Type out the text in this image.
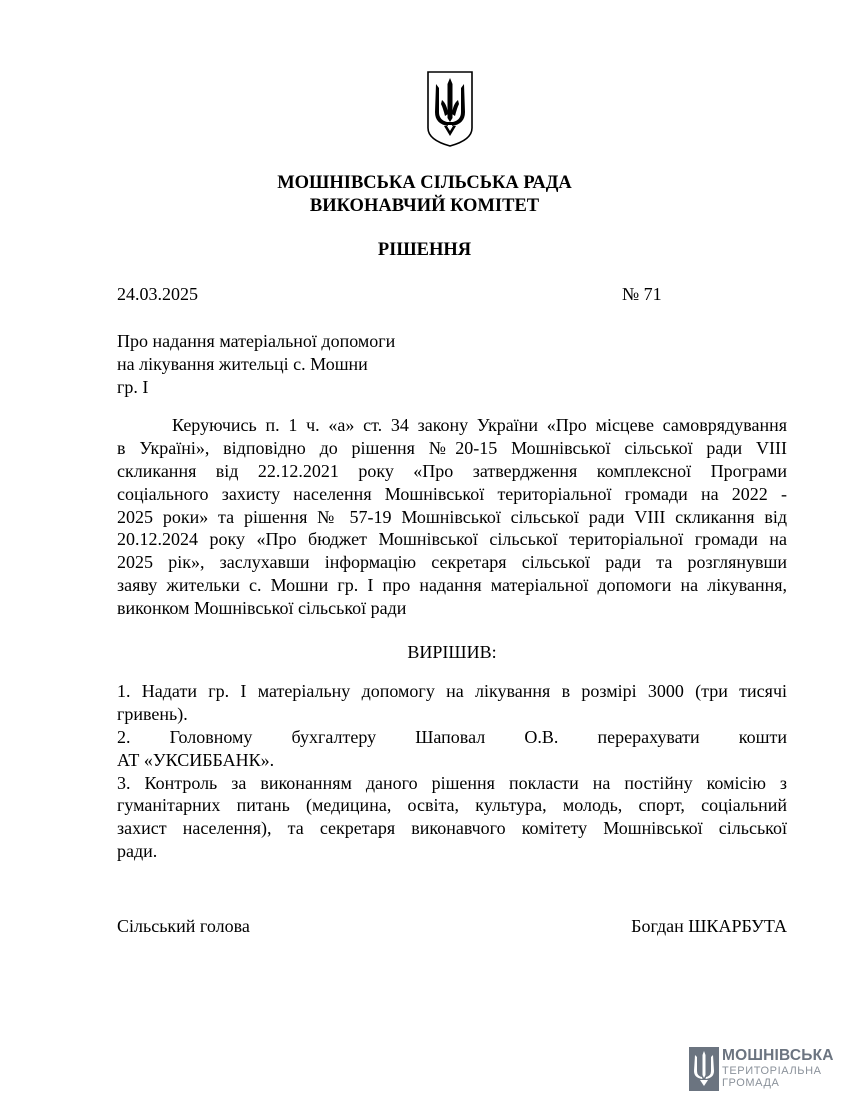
МОШНІВСЬКА СІЛЬСЬКА РАДА
ВИКОНАВЧИЙ КОМІТЕТ
РІШЕННЯ
24.03.2025	№ 71
Про надання матеріальної допомоги
на лікування жительці с. Мошни
гр. І
Керуючись п. 1 ч. «а» ст. 34 закону України «Про місцеве самоврядування
в Україні», відповідно до рішення №20-15 Мошнівської сільської ради VIII
скликання від 22.12.2021 року «Про затвердження комплексної Програми
соціального захисту населення Мошнівської територіальної громади на 2022 -
2025 роки» та рішення № 57-19 Мошнівської сільської ради VIII скликання від
20.12.2024 року «Про бюджет Мошнівської сільської територіальної громади на
2025 рік», заслухавши інформацію секретаря сільської ради та розглянувши
заяву жительки с. Мошни гр. І про надання матеріальної допомоги на лікування,
виконком Мошнівської сільської ради
ВИРІШИВ:
1. Надати гр. І матеріальну допомогу на лікування в розмірі 3000 (три тисячі
гривень).
2. Головному бухгалтеру Шаповал О.В. перерахувати кошти
АТ «УКСИББАНК».
3. Контроль за виконанням даного рішення покласти на постійну комісію з
гуманітарних питань (медицина, освіта, культура, молодь, спорт, соціальний
захист населення), та секретаря виконавчого комітету Мошнівської сільської
ради.
Сільський голова	Богдан ШКАРБУТА
МОШНІВСЬКА
ТЕРИТОРІАЛЬНА
ГРОМАДА
